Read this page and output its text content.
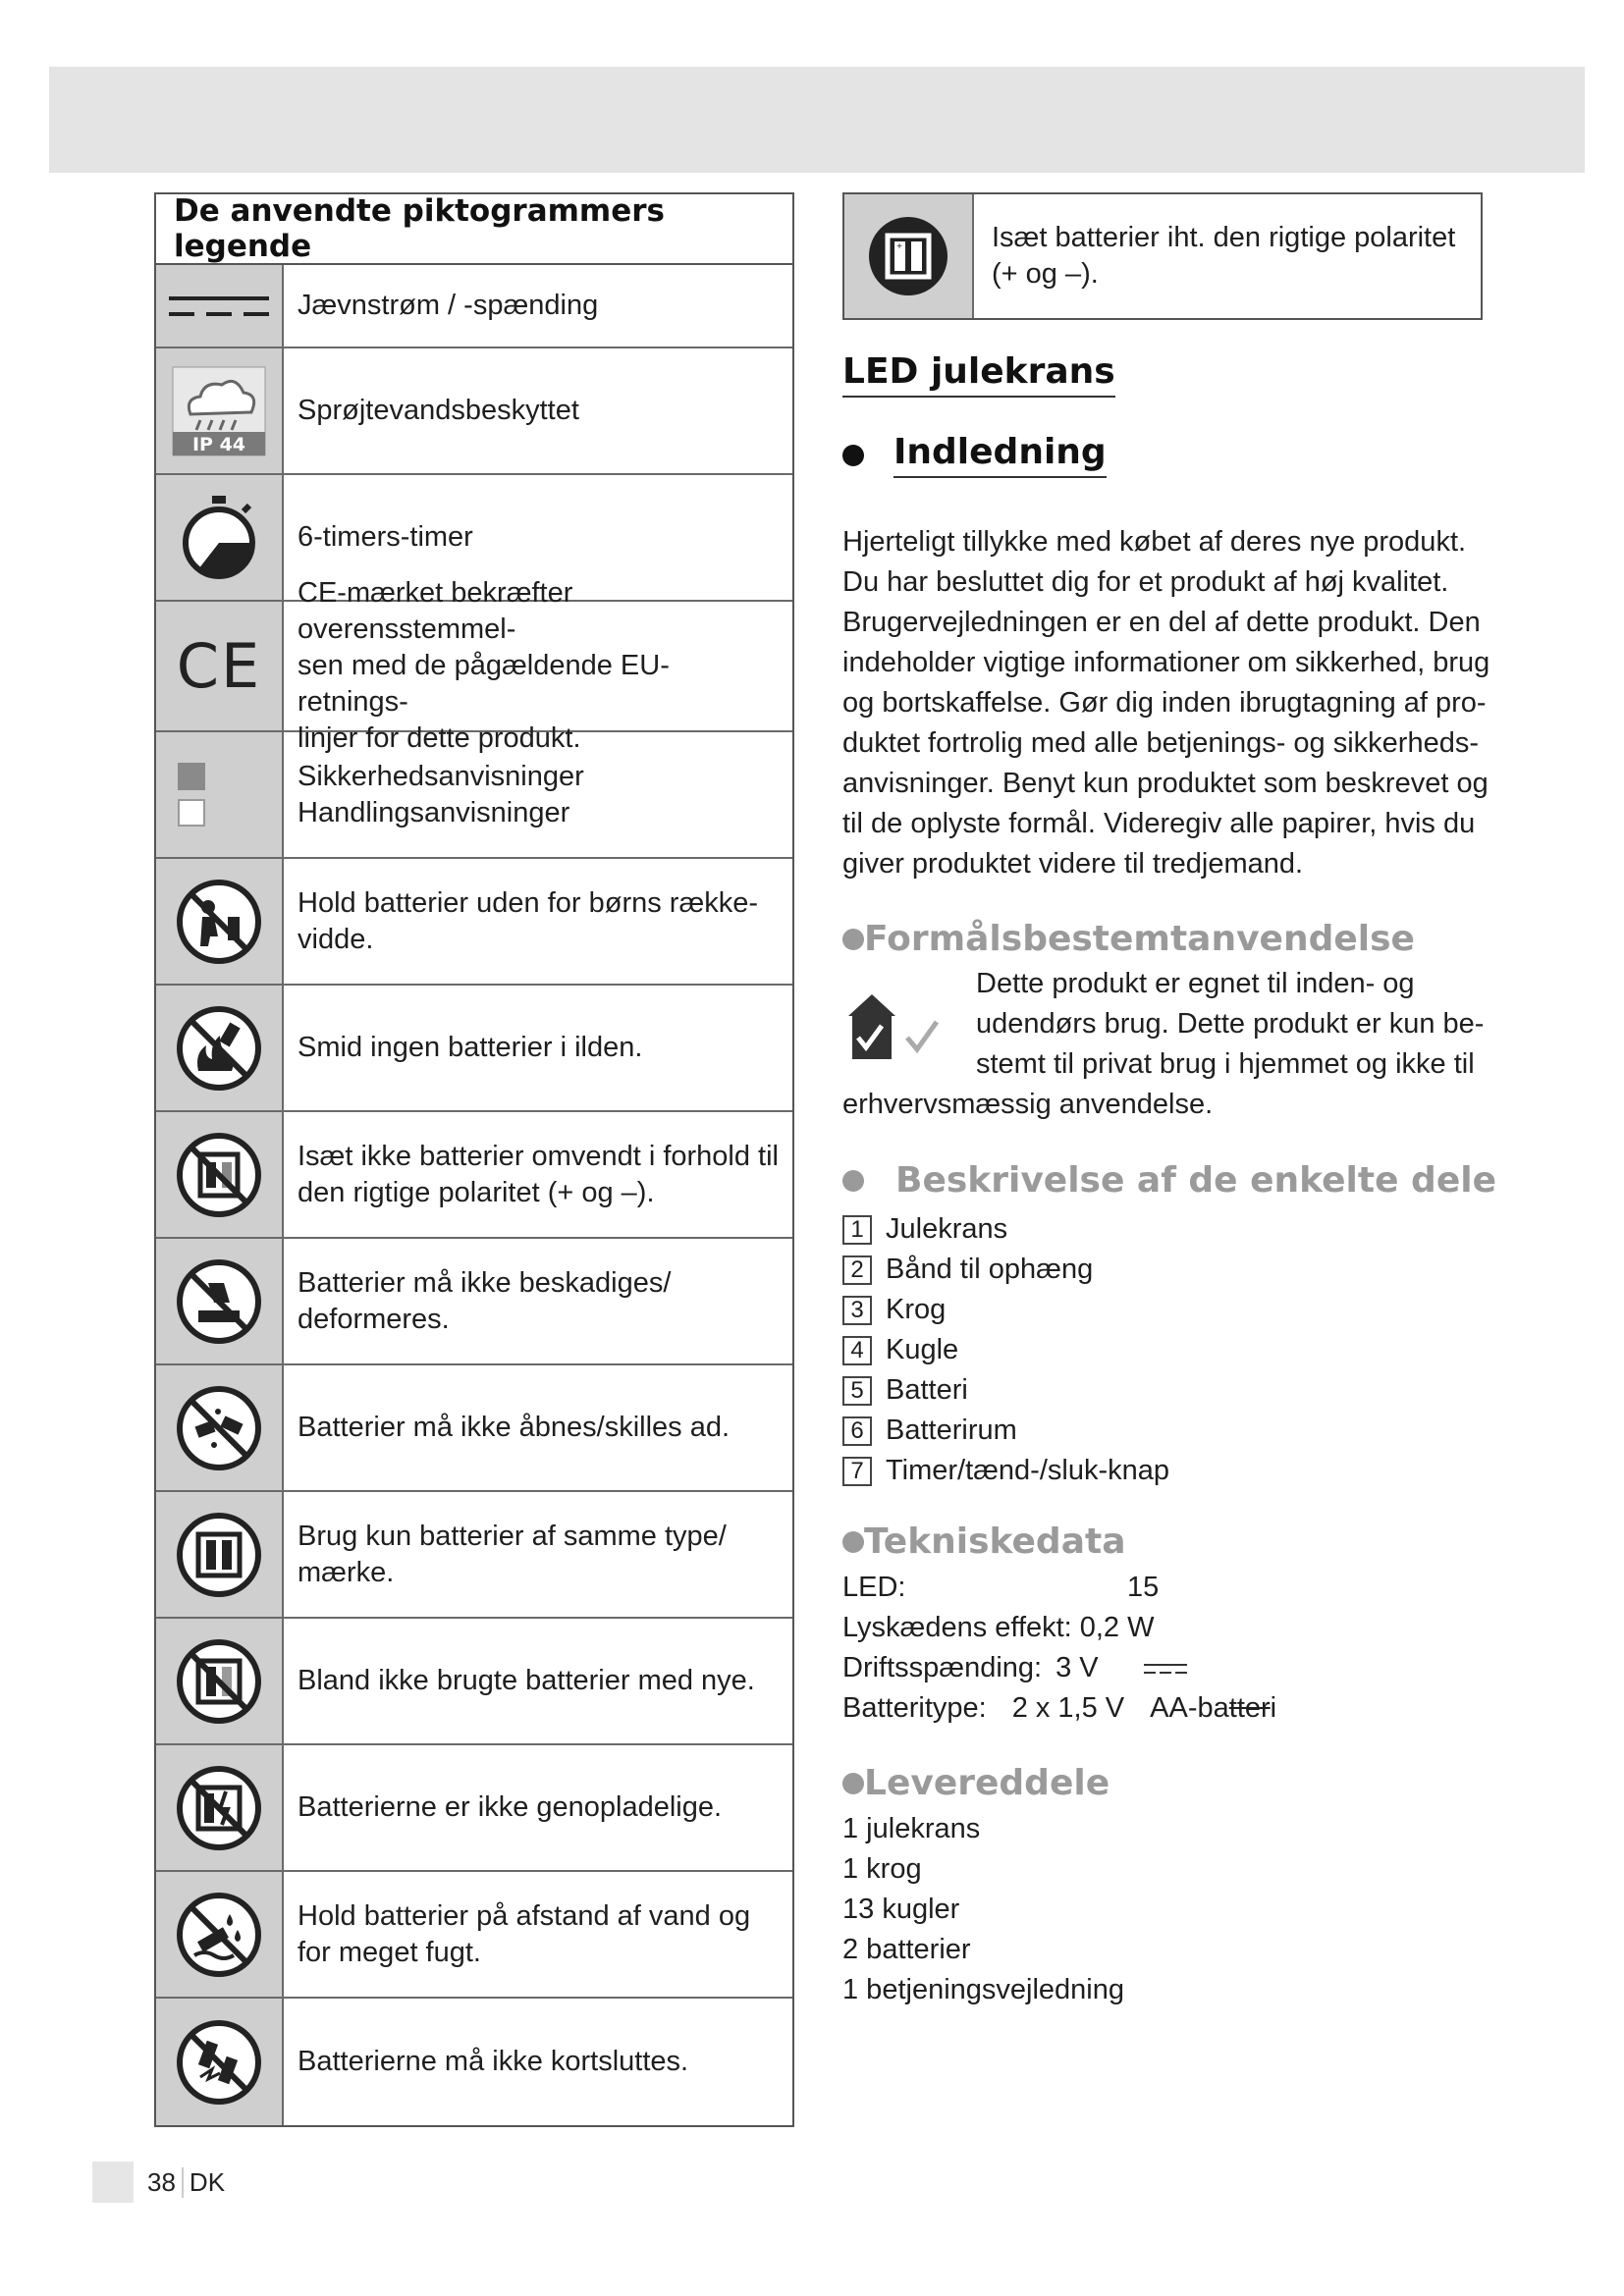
De anvendte piktogrammers legende
Jævnstrøm / -spænding
IP 44
Sprøjtevandsbeskyttet
6-timers-timer
CE
CE-mærket bekræfter overensstemmel-
sen med de pågældende EU-retnings-
linjer for dette produkt.
Sikkerhedsanvisninger
Handlingsanvisninger
Hold batterier uden for børns række-
vidde.
Smid ingen batterier i ilden.
Isæt ikke batterier omvendt i forhold til
den rigtige polaritet (+ og –).
Batterier må ikke beskadiges/
deformeres.
Batterier må ikke åbnes/skilles ad.
Brug kun batterier af samme type/
mærke.
Bland ikke brugte batterier med nye.
Batterierne er ikke genopladelige.
Hold batterier på afstand af vand og
for meget fugt.
Batterierne må ikke kortsluttes.
+	Isæt batterier iht. den rigtige polaritet
(+ og –).
LED julekrans
Indledning
Hjerteligt tillykke med købet af deres nye produkt.
Du har besluttet dig for et produkt af høj kvalitet.
Brugervejledningen er en del af dette produkt. Den
indeholder vigtige informationer om sikkerhed, brug
og bortskaffelse. Gør dig inden ibrugtagning af pro-
duktet fortrolig med alle betjenings- og sikkerheds-
anvisninger. Benyt kun produktet som beskrevet og
til de oplyste formål. Videregiv alle papirer, hvis du
giver produktet videre til tredjemand.
Formålsbestemtanvendelse
Dette produkt er egnet til inden- og
udendørs brug. Dette produkt er kun be-
stemt til privat brug i hjemmet og ikke til
erhvervsmæssig anvendelse.
Beskrivelse af de enkelte dele
1 Julekrans
2 Bånd til ophæng
3 Krog
4 Kugle
5 Batteri
6 Batterirum
7 Timer/tænd-/sluk-knap
Tekniskedata
LED:	15
Lyskædens effekt: 0,2 W
Driftsspænding: 3 V
Batteritype: 2 x 1,5 V AA-batteri
Levereddele
1 julekrans
1 krog
13 kugler
2 batterier
1 betjeningsvejledning
38 DK
